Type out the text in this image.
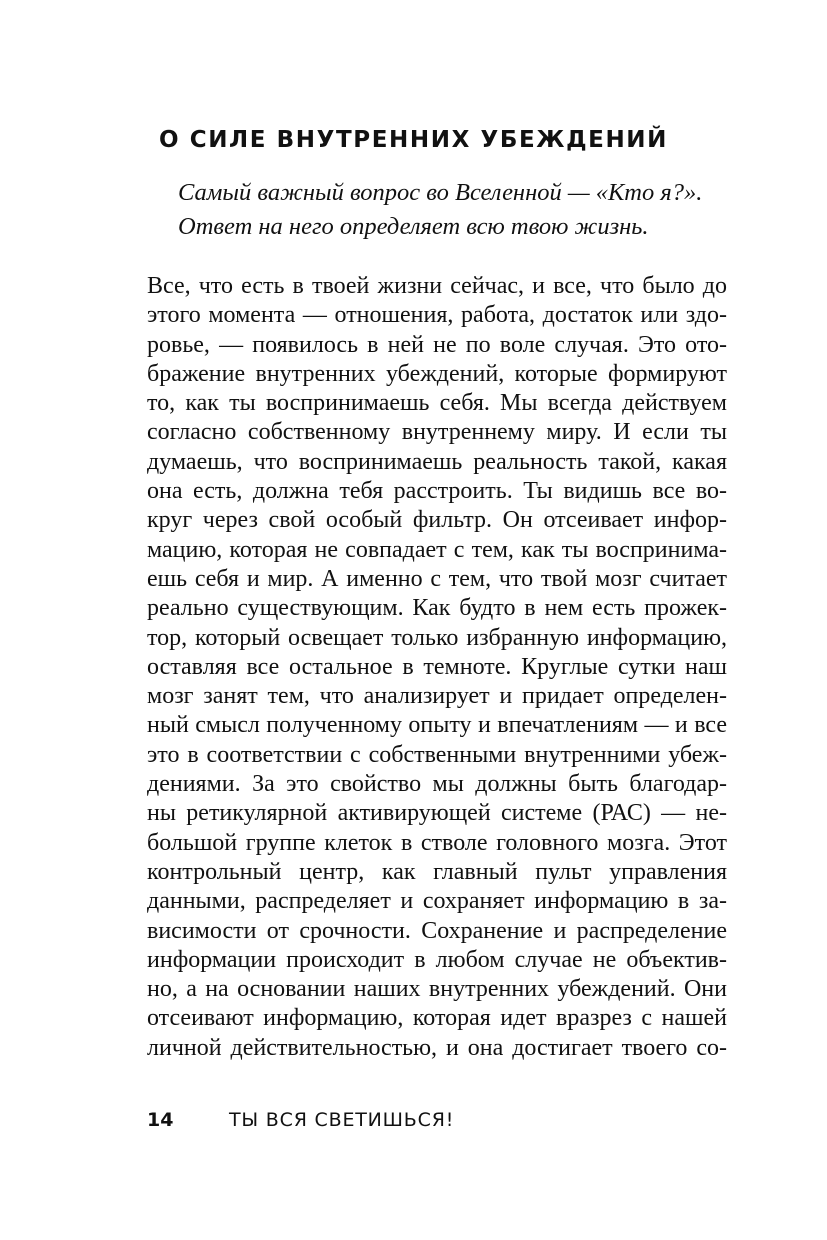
О СИЛЕ ВНУТРЕННИХ УБЕЖДЕНИЙ
Самый важный вопрос во Вселенной — «Кто я?».
Ответ на него определяет всю твою жизнь.
Все, что есть в твоей жизни сейчас, и все, что было до
этого момента — отношения, работа, достаток или здо-
ровье, — появилось в ней не по воле случая. Это ото-
бражение внутренних убеждений, которые формируют
то, как ты воспринимаешь себя. Мы всегда действуем
согласно собственному внутреннему миру. И если ты
думаешь, что воспринимаешь реальность такой, какая
она есть, должна тебя расстроить. Ты видишь все во-
круг через свой особый фильтр. Он отсеивает инфор-
мацию, которая не совпадает с тем, как ты воспринима-
ешь себя и мир. А именно с тем, что твой мозг считает
реально существующим. Как будто в нем есть прожек-
тор, который освещает только избранную информацию,
оставляя все остальное в темноте. Круглые сутки наш
мозг занят тем, что анализирует и придает определен-
ный смысл полученному опыту и впечатлениям — и все
это в соответствии с собственными внутренними убеж-
дениями. За это свойство мы должны быть благодар-
ны ретикулярной активирующей системе (РАС) — не-
большой группе клеток в стволе головного мозга. Этот
контрольный центр, как главный пульт управления
данными, распределяет и сохраняет информацию в за-
висимости от срочности. Сохранение и распределение
информации происходит в любом случае не объектив-
но, а на основании наших внутренних убеждений. Они
отсеивают информацию, которая идет вразрез с нашей
личной действительностью, и она достигает твоего со-
14	ТЫ ВСЯ СВЕТИШЬСЯ!
